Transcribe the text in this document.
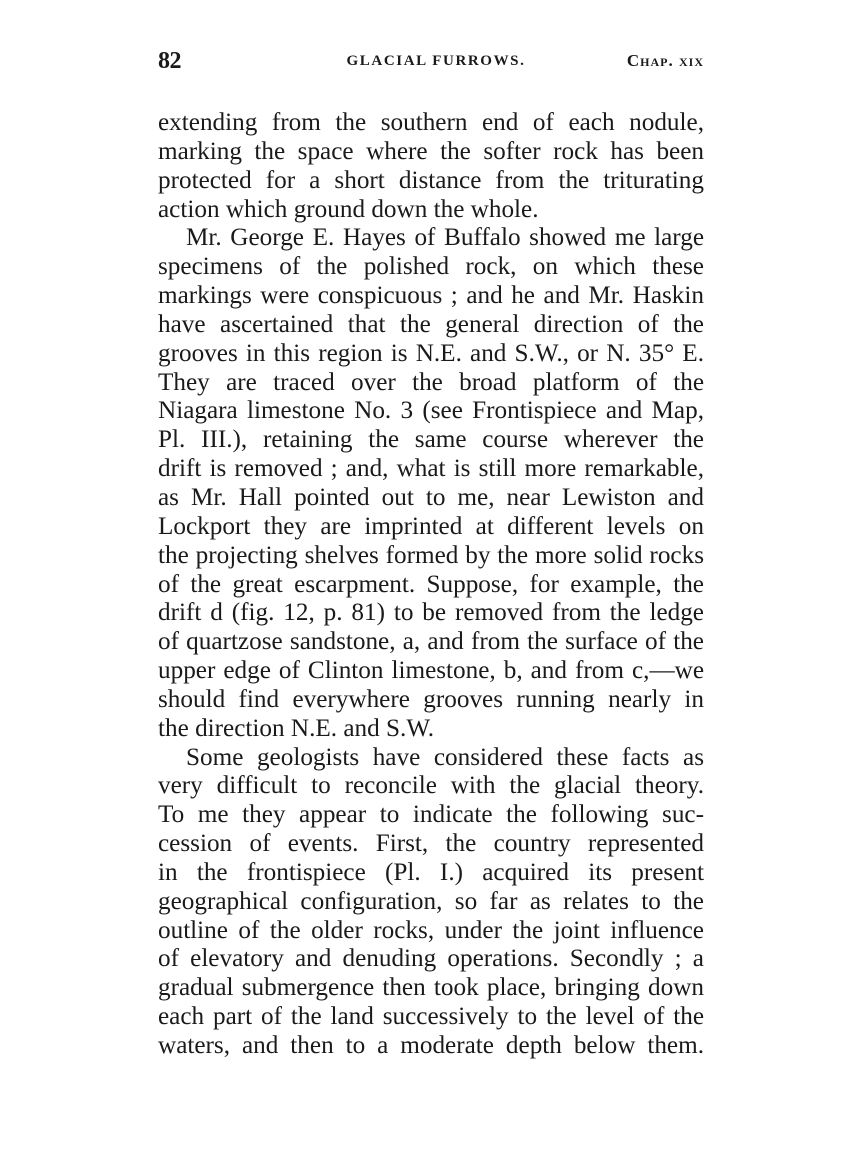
82	GLACIAL FURROWS.	Chap. xix
extending from the southern end of each nodule,
marking the space where the softer rock has been
protected for a short distance from the triturating
action which ground down the whole.
Mr. George E. Hayes of Buffalo showed me large
specimens of the polished rock, on which these
markings were conspicuous ; and he and Mr. Haskin
have ascertained that the general direction of the
grooves in this region is N.E. and S.W., or N. 35° E.
They are traced over the broad platform of the
Niagara limestone No. 3 (see Frontispiece and Map,
Pl. III.), retaining the same course wherever the
drift is removed ; and, what is still more remarkable,
as Mr. Hall pointed out to me, near Lewiston and
Lockport they are imprinted at different levels on
the projecting shelves formed by the more solid rocks
of the great escarpment. Suppose, for example, the
drift d (fig. 12, p. 81) to be removed from the ledge
of quartzose sandstone, a, and from the surface of the
upper edge of Clinton limestone, b, and from c,—we
should find everywhere grooves running nearly in
the direction N.E. and S.W.
Some geologists have considered these facts as
very difficult to reconcile with the glacial theory.
To me they appear to indicate the following suc-
cession of events. First, the country represented
in the frontispiece (Pl. I.) acquired its present
geographical configuration, so far as relates to the
outline of the older rocks, under the joint influence
of elevatory and denuding operations. Secondly ; a
gradual submergence then took place, bringing down
each part of the land successively to the level of the
waters, and then to a moderate depth below them.
